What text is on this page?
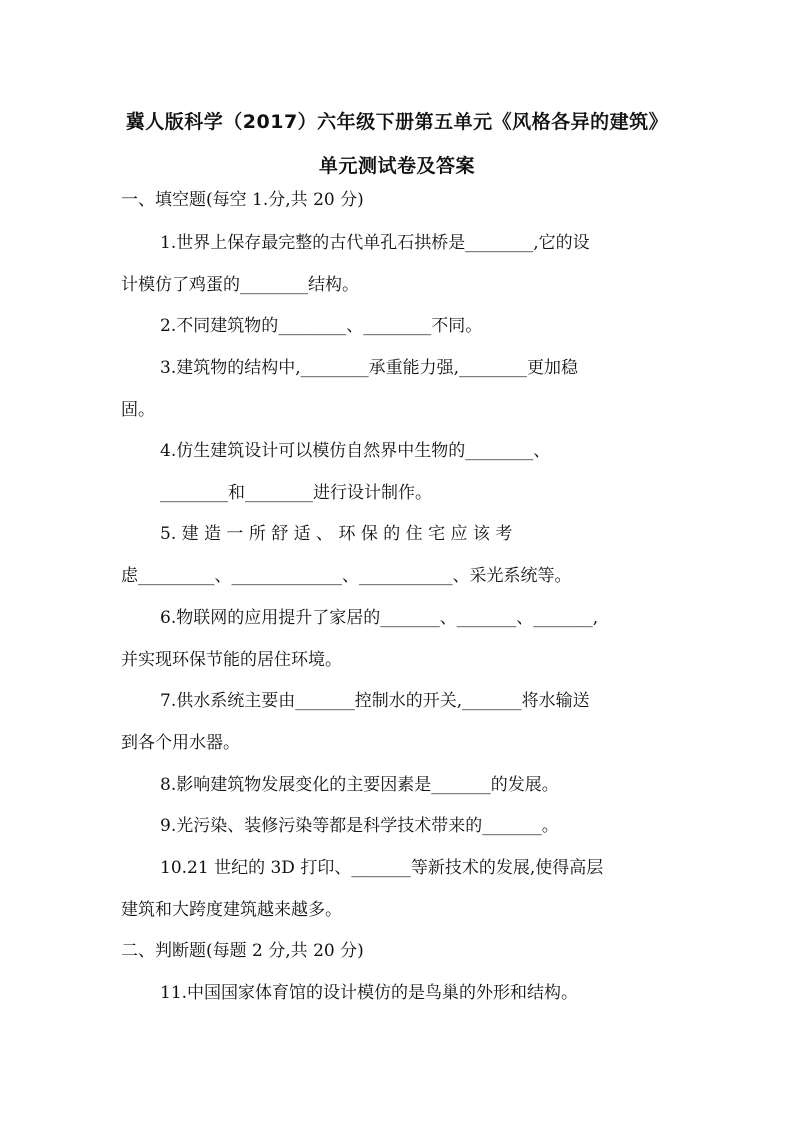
冀人版科学（2017）六年级下册第五单元《风格各异的建筑》
单元测试卷及答案
一、填空题(每空 1.分,共 20 分)
1.世界上保存最完整的古代单孔石拱桥是________,它的设
计模仿了鸡蛋的________结构。
2.不同建筑物的________、________不同。
3.建筑物的结构中,________承重能力强,________更加稳
固。
4.仿生建筑设计可以模仿自然界中生物的________、
________和________进行设计制作。
5. 建 造 一 所 舒 适 、 环 保 的 住 宅 应 该 考
虑_________、_____________、___________、采光系统等。
6.物联网的应用提升了家居的_______、_______、_______,
并实现环保节能的居住环境。
7.供水系统主要由_______控制水的开关,_______将水输送
到各个用水器。
8.影响建筑物发展变化的主要因素是_______的发展。
9.光污染、装修污染等都是科学技术带来的_______。
10.21 世纪的 3D 打印、_______等新技术的发展,使得高层
建筑和大跨度建筑越来越多。
二、判断题(每题 2 分,共 20 分)
11.中国国家体育馆的设计模仿的是鸟巢的外形和结构。
